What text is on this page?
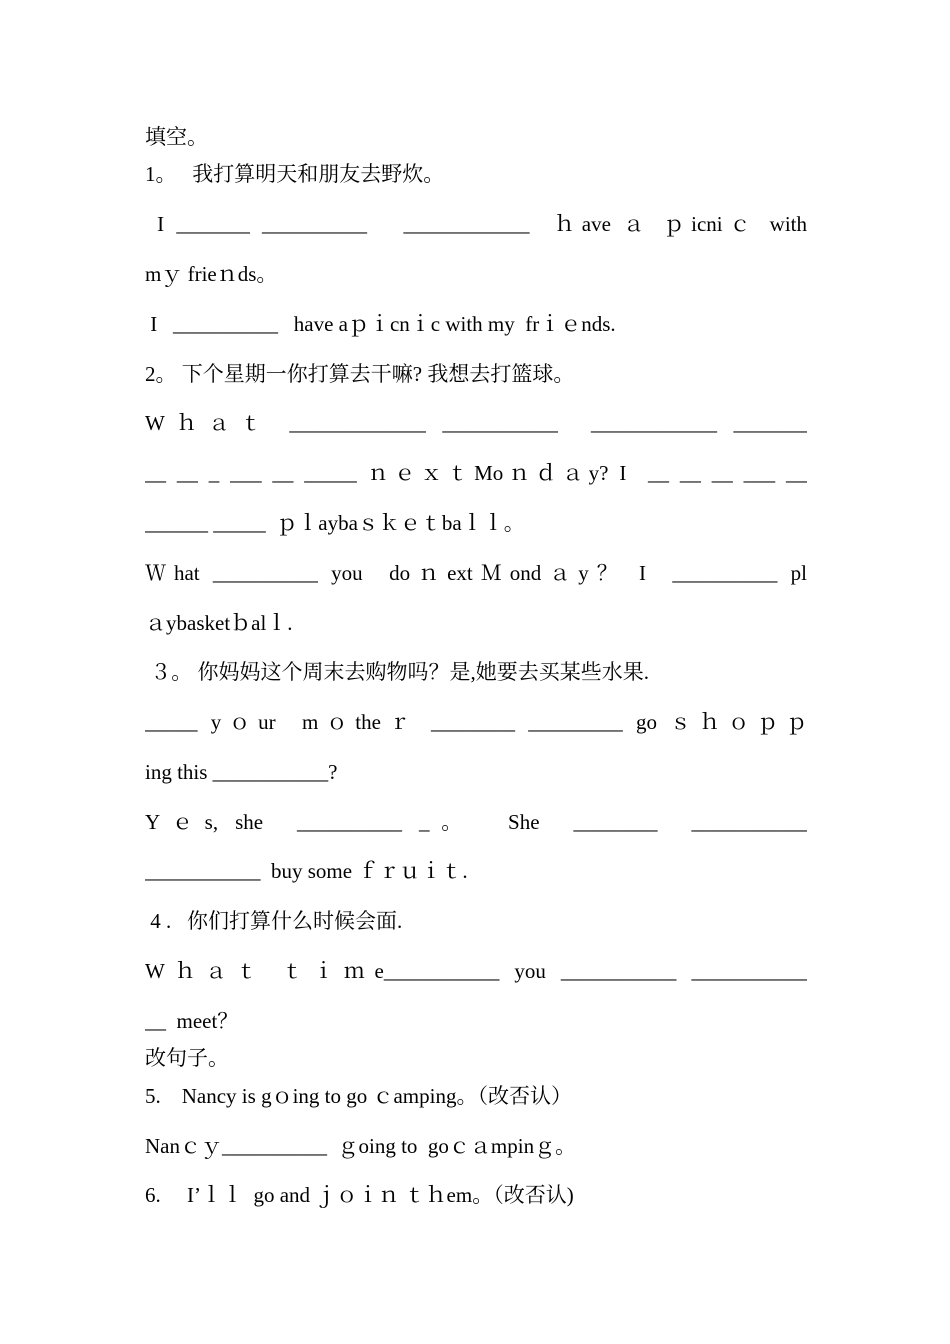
填空。
1。　 我打算明天和朋友去野炊。
I _______ __________   ____________  ｈave ａ ｐicniｃ with
mｙ frieｎds。
I   __________   have aｐｉcnｉc with my  frｉｅnds.
2。 下个星期一你打算去干嘛? 我想去打篮球。
Wｈａｔ _____________ ___________  ____________ _______
__ __ _ ___ __ _____ ｎｅｘｔMoｎｄａy? I  __ __ __ ___ __
______ _____  ｐｌaybaｓｋｅｔbaｌｌ。
Ｗhat __________ you  doｎextＭondａy？ I  __________ pl
ａybasketｂalｌ.
３。 你妈妈这个周末去购物吗？是,她要去买某些水果.
_____ yｏur  mｏtheｒ ________ _________ go ｓｈｏｐｐ
ing this ___________?
Yｅs, she  __________ _。  She  ________  ___________
___________  buy some ｆｒｕｉｔ.
4 .   你们打算什么时候会面.
Wｈａｔ ｔｉｍe___________ you ___________ ___________
__  meet？
改句子。
5.    Nancy is gｏing to go ｃamping。（改否认）
Nanｃｙ__________  ｇoing to  goｃａmpinｇ。
6.     I’ｌｌ  go and ｊｏｉｎ ｔｈem。（改否认)
